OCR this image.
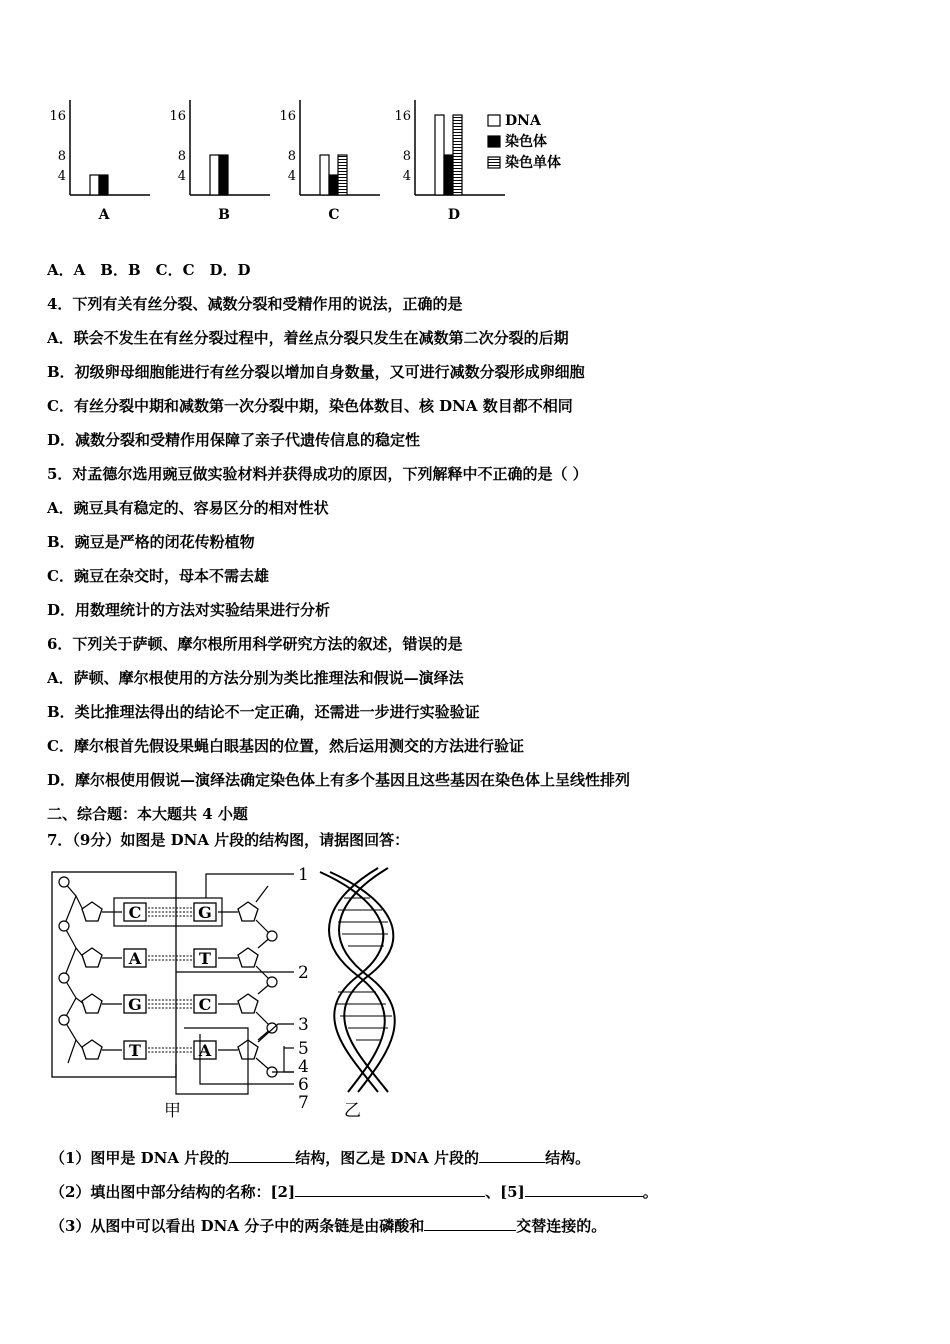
4
8
16
A
4
8
16
B
4
8
16
C
4
8
16
D
DNA
染色体
染色单体
A．A　B．B　C．C　D．D
4．下列有关有丝分裂、减数分裂和受精作用的说法，正确的是
A．联会不发生在有丝分裂过程中，着丝点分裂只发生在减数第二次分裂的后期
B．初级卵母细胞能进行有丝分裂以增加自身数量，又可进行减数分裂形成卵细胞
C．有丝分裂中期和减数第一次分裂中期，染色体数目、核 DNA 数目都不相同
D．减数分裂和受精作用保障了亲子代遗传信息的稳定性
5．对孟德尔选用豌豆做实验材料并获得成功的原因，下列解释中不正确的是（ ）
A．豌豆具有稳定的、容易区分的相对性状
B．豌豆是严格的闭花传粉植物
C．豌豆在杂交时，母本不需去雄
D．用数理统计的方法对实验结果进行分析
6．下列关于萨顿、摩尔根所用科学研究方法的叙述，错误的是
A．萨顿、摩尔根使用的方法分别为类比推理法和假说—演绎法
B．类比推理法得出的结论不一定正确，还需进一步进行实验验证
C．摩尔根首先假设果蝇白眼基因的位置，然后运用测交的方法进行验证
D．摩尔根使用假说—演绎法确定染色体上有多个基因且这些基因在染色体上呈线性排列
二、综合题：本大题共 4 小题
7．（9分）如图是 DNA 片段的结构图，请据图回答：
C
A
G
T
G
T
C
A
1
2
3
5
4
6
7
甲	乙
（1）图甲是 DNA 片段的	结构，图乙是 DNA 片段的	结构。
（2）填出图中部分结构的名称：[2]	、[5]	。
（3）从图中可以看出 DNA 分子中的两条链是由磷酸和	交替连接的。
